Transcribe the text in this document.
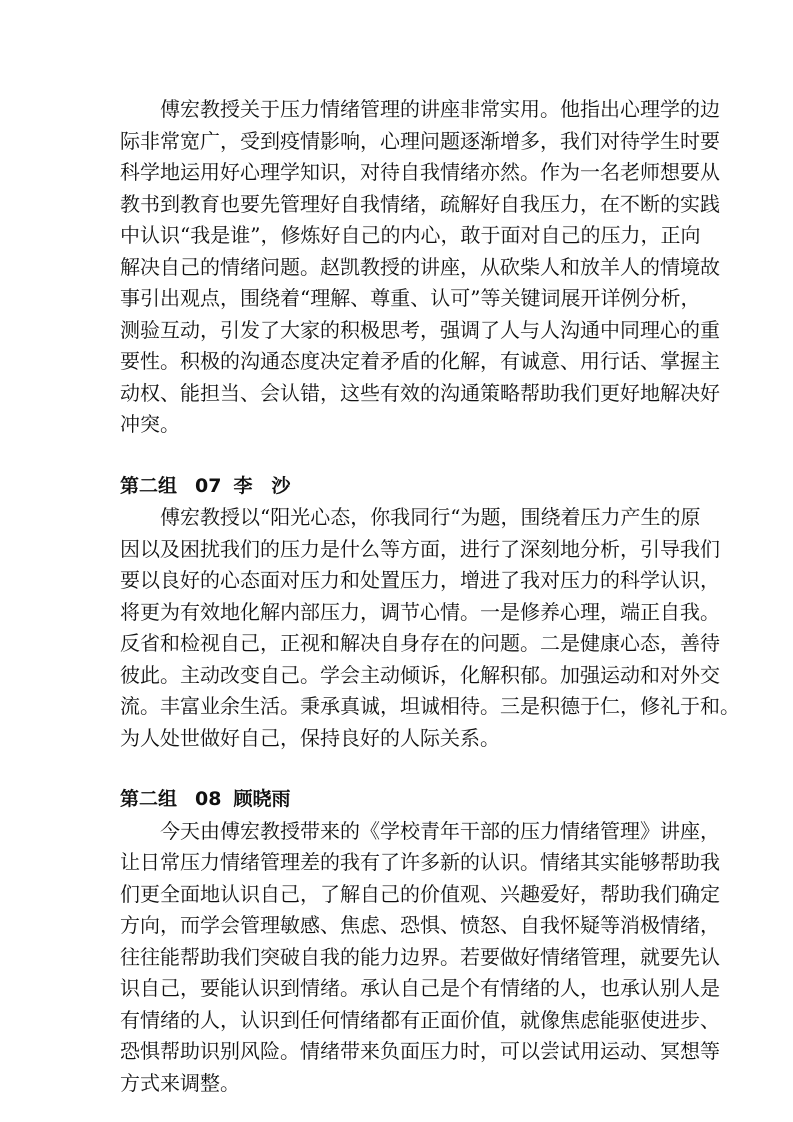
傅宏教授关于压力情绪管理的讲座非常实用。他指出心理学的边
际非常宽广，受到疫情影响，心理问题逐渐增多，我们对待学生时要
科学地运用好心理学知识，对待自我情绪亦然。作为一名老师想要从
教书到教育也要先管理好自我情绪，疏解好自我压力，在不断的实践
中认识“我是谁”，修炼好自己的内心，敢于面对自己的压力，正向
解决自己的情绪问题。赵凯教授的讲座，从砍柴人和放羊人的情境故
事引出观点，围绕着“理解、尊重、认可”等关键词展开详例分析，
测验互动，引发了大家的积极思考，强调了人与人沟通中同理心的重
要性。积极的沟通态度决定着矛盾的化解，有诚意、用行话、掌握主
动权、能担当、会认错，这些有效的沟通策略帮助我们更好地解决好
冲突。
第二组 07 李　沙
傅宏教授以“阳光心态，你我同行“为题，围绕着压力产生的原
因以及困扰我们的压力是什么等方面，进行了深刻地分析，引导我们
要以良好的心态面对压力和处置压力，增进了我对压力的科学认识，
将更为有效地化解内部压力，调节心情。一是修养心理，端正自我。
反省和检视自己，正视和解决自身存在的问题。二是健康心态，善待
彼此。主动改变自己。学会主动倾诉，化解积郁。加强运动和对外交
流。丰富业余生活。秉承真诚，坦诚相待。三是积德于仁，修礼于和。
为人处世做好自己，保持良好的人际关系。
第二组 08 顾晓雨
今天由傅宏教授带来的《学校青年干部的压力情绪管理》讲座，
让日常压力情绪管理差的我有了许多新的认识。情绪其实能够帮助我
们更全面地认识自己，了解自己的价值观、兴趣爱好，帮助我们确定
方向，而学会管理敏感、焦虑、恐惧、愤怒、自我怀疑等消极情绪，
往往能帮助我们突破自我的能力边界。若要做好情绪管理，就要先认
识自己，要能认识到情绪。承认自己是个有情绪的人，也承认别人是
有情绪的人，认识到任何情绪都有正面价值，就像焦虑能驱使进步、
恐惧帮助识别风险。情绪带来负面压力时，可以尝试用运动、冥想等
方式来调整。
